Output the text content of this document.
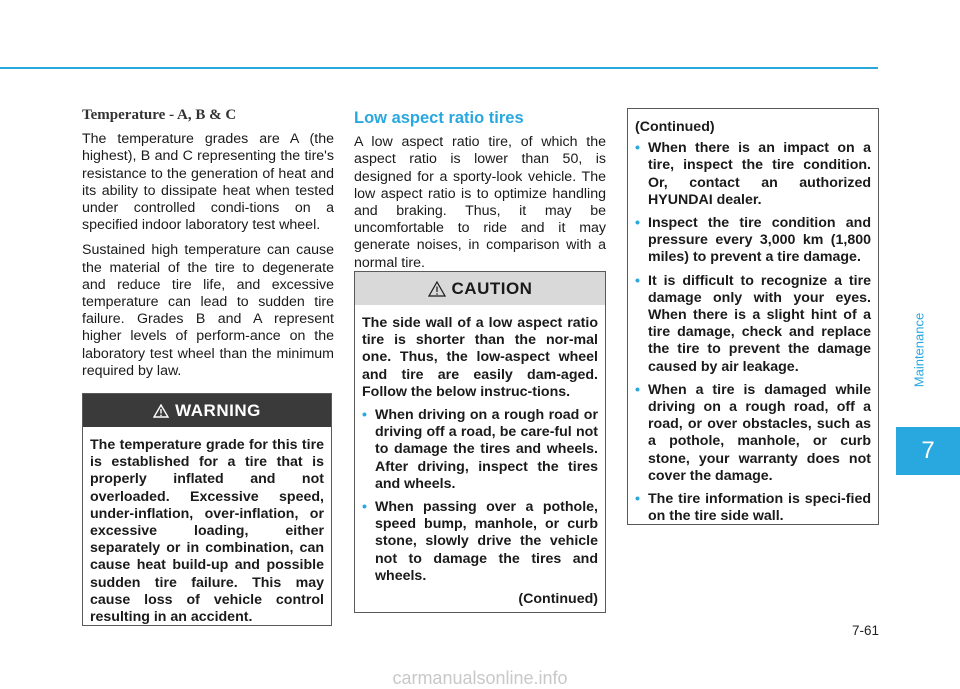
Temperature - A, B & C

The temperature grades are A (the highest), B and C representing the tire's resistance to the generation of heat and its ability to dissipate heat when tested under controlled condi-tions on a specified indoor laboratory test wheel.

Sustained high temperature can cause the material of the tire to degenerate and reduce tire life, and excessive temperature can lead to sudden tire failure. Grades B and A represent higher levels of perform-ance on the laboratory test wheel than the minimum required by law.

WARNING

The temperature grade for this tire is established for a tire that is properly inflated and not overloaded. Excessive speed, under-inflation, over-inflation, or excessive loading, either separately or in combination, can cause heat build-up and possible sudden tire failure. This may cause loss of vehicle control resulting in an accident.

Low aspect ratio tires

A low aspect ratio tire, of which the aspect ratio is lower than 50, is designed for a sporty-look vehicle. The low aspect ratio is to optimize handling and braking. Thus, it may be uncomfortable to ride and it may generate noises, in comparison with a normal tire.

CAUTION

The side wall of a low aspect ratio tire is shorter than the nor-mal one. Thus, the low-aspect wheel and tire are easily dam-aged. Follow the below instruc-tions.

• When driving on a rough road or driving off a road, be care-ful not to damage the tires and wheels. After driving, inspect the tires and wheels.
• When passing over a pothole, speed bump, manhole, or curb stone, slowly drive the vehicle not to damage the tires and wheels.
(Continued)

(Continued)

• When there is an impact on a tire, inspect the tire condition. Or, contact an authorized HYUNDAI dealer.
• Inspect the tire condition and pressure every 3,000 km (1,800 miles) to prevent a tire damage.
• It is difficult to recognize a tire damage only with your eyes. When there is a slight hint of a tire damage, check and replace the tire to prevent the damage caused by air leakage.
• When a tire is damaged while driving on a rough road, off a road, or over obstacles, such as a pothole, manhole, or curb stone, your warranty does not cover the damage.
• The tire information is speci-fied on the tire side wall.
Maintenance
7
7-61
carmanualsonline.info
